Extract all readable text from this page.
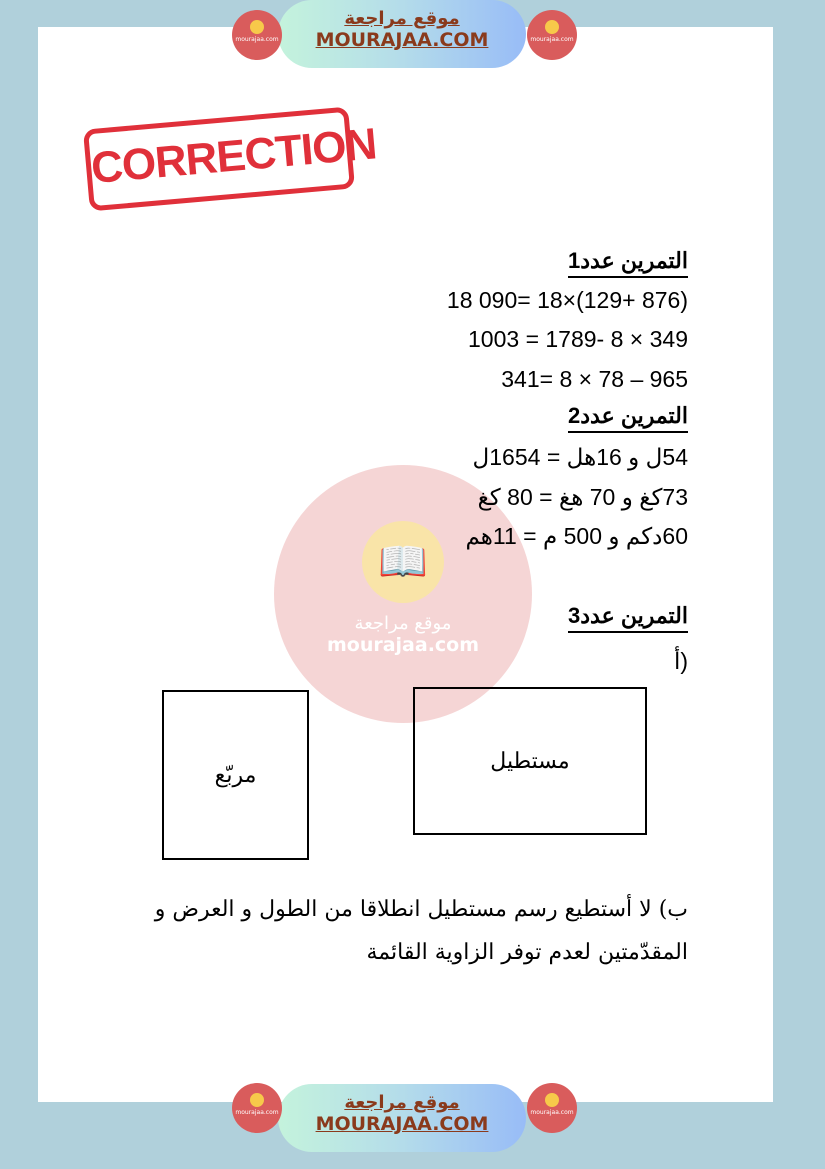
موقع مراجعة
MOURAJAA.COM
mourajaa.com	mourajaa.com
CORRECTION
📖
موقع مراجعة
mourajaa.com
التمرين عدد1
18 090= 18×(129+ 876)
1003 = 1789- 8 × 349
341= 8 × 78 – 965
التمرين عدد2
54ل و 16هل = 1654ل
73كغ و 70 هغ = 80 كغ
60دكم و 500 م = 11هم
التمرين عدد3
أ)
مربّع
مستطيل
ب) لا أستطيع رسم مستطيل انطلاقا من الطول و العرض و
المقدّمتين لعدم توفر الزاوية القائمة
موقع مراجعة
MOURAJAA.COM
mourajaa.com	mourajaa.com
